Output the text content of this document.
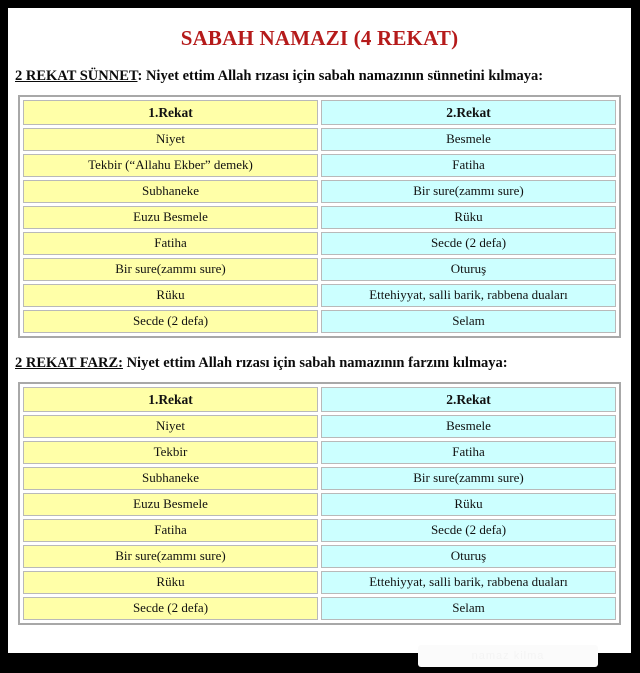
SABAH NAMAZI (4 REKAT)
2 REKAT SÜNNET: Niyet ettim Allah rızası için sabah namazının sünnetini kılmaya:
1.Rekat	2.Rekat
Niyet	Besmele
Tekbir (“Allahu Ekber” demek)	Fatiha
Subhaneke	Bir sure(zammı sure)
Euzu Besmele	Rüku
Fatiha	Secde (2 defa)
Bir sure(zammı sure)	Oturuş
Rüku	Ettehiyyat, salli barik, rabbena duaları
Secde (2 defa)	Selam
2 REKAT FARZ: Niyet ettim Allah rızası için sabah namazının farzını kılmaya:
1.Rekat	2.Rekat
Niyet	Besmele
Tekbir	Fatiha
Subhaneke	Bir sure(zammı sure)
Euzu Besmele	Rüku
Fatiha	Secde (2 defa)
Bir sure(zammı sure)	Oturuş
Rüku	Ettehiyyat, salli barik, rabbena duaları
Secde (2 defa)	Selam
namaz kilma
